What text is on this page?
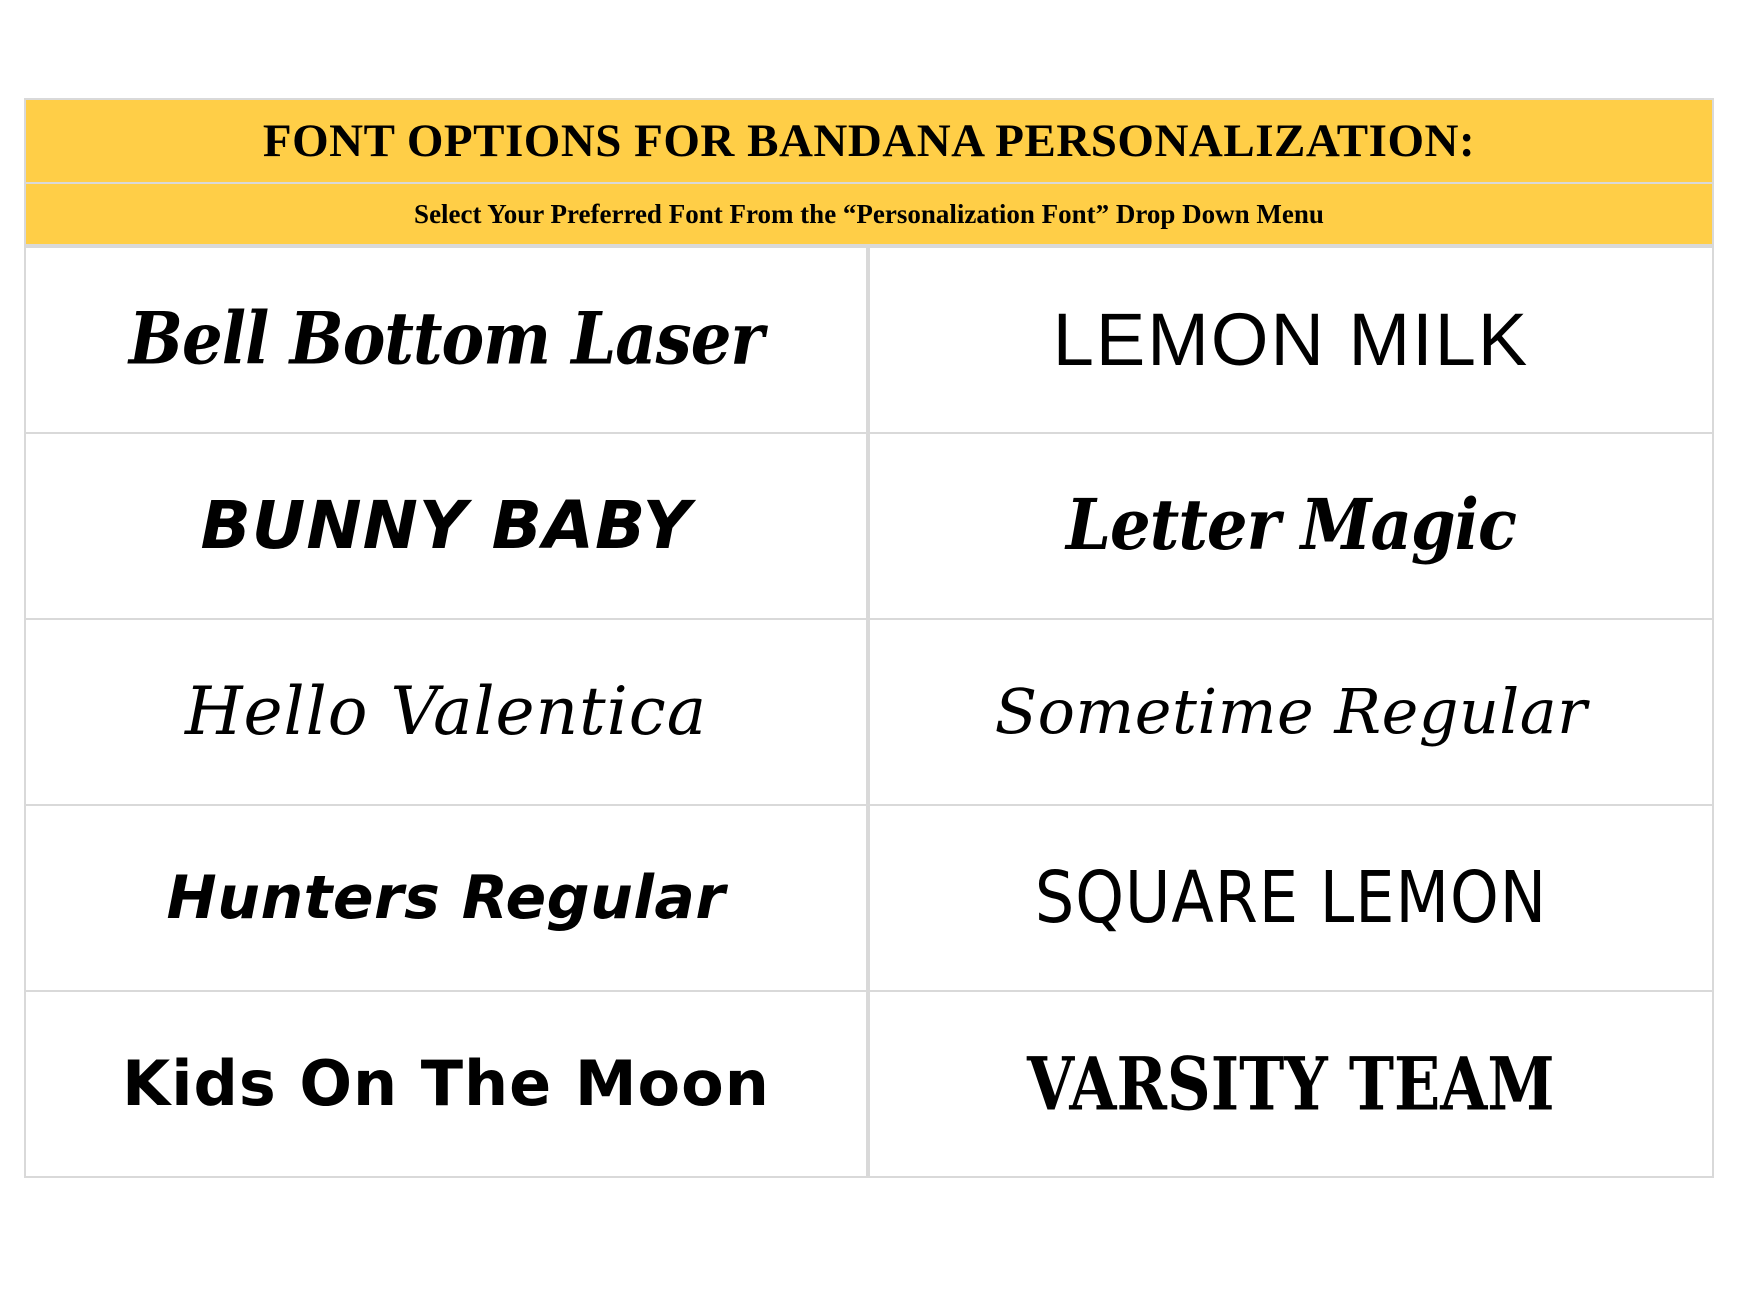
FONT OPTIONS FOR BANDANA PERSONALIZATION:
Select Your Preferred Font From the “Personalization Font” Drop Down Menu
Bell Bottom Laser	LEMON MILK
BUNNY BABY	Letter Magic
Hello Valentica	Sometime Regular
Hunters Regular	SQUARE LEMON
Kids On The Moon	VARSITY TEAM
